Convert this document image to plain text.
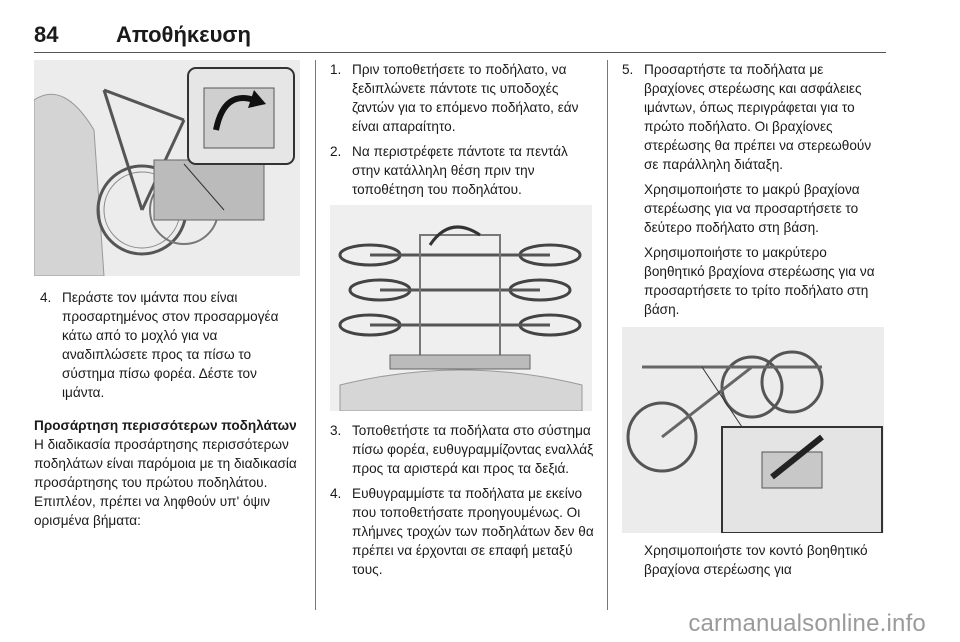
84	Αποθήκευση
4. Περάστε τον ιμάντα που είναι προσαρτημένος στον προσαρμογέα κάτω από το μοχλό για να αναδιπλώσετε προς τα πίσω το σύστημα πίσω φορέα. Δέστε τον ιμάντα.

Προσάρτηση περισσότερων ποδηλάτων

Η διαδικασία προσάρτησης περισσότερων ποδηλάτων είναι παρόμοια με τη διαδικασία προσάρτησης του πρώτου ποδηλάτου. Επιπλέον, πρέπει να ληφθούν υπ' όψιν ορισμένα βήματα:

1. Πριν τοποθετήσετε το ποδήλατο, να ξεδιπλώνετε πάντοτε τις υποδοχές ζαντών για το επόμενο ποδήλατο, εάν είναι απαραίτητο.

2. Να περιστρέφετε πάντοτε τα πεντάλ στην κατάλληλη θέση πριν την τοποθέτηση του ποδηλάτου.

3. Τοποθετήστε τα ποδήλατα στο σύστημα πίσω φορέα, ευθυγραμμίζοντας εναλλάξ προς τα αριστερά και προς τα δεξιά.

4. Ευθυγραμμίστε τα ποδήλατα με εκείνο που τοποθετήσατε προηγουμένως. Οι πλήμνες τροχών των ποδηλάτων δεν θα πρέπει να έρχονται σε επαφή μεταξύ τους.

5. Προσαρτήστε τα ποδήλατα με βραχίονες στερέωσης και ασφάλειες ιμάντων, όπως περιγράφεται για το πρώτο ποδήλατο. Οι βραχίονες στερέωσης θα πρέπει να στερεωθούν σε παράλληλη διάταξη.

Χρησιμοποιήστε το μακρύ βραχίονα στερέωσης για να προσαρτήσετε το δεύτερο ποδήλατο στη βάση.

Χρησιμοποιήστε το μακρύτερο βοηθητικό βραχίονα στερέωσης για να προσαρτήσετε το τρίτο ποδήλατο στη βάση.

Χρησιμοποιήστε τον κοντό βοηθητικό βραχίονα στερέωσης για

carmanualsonline.info
